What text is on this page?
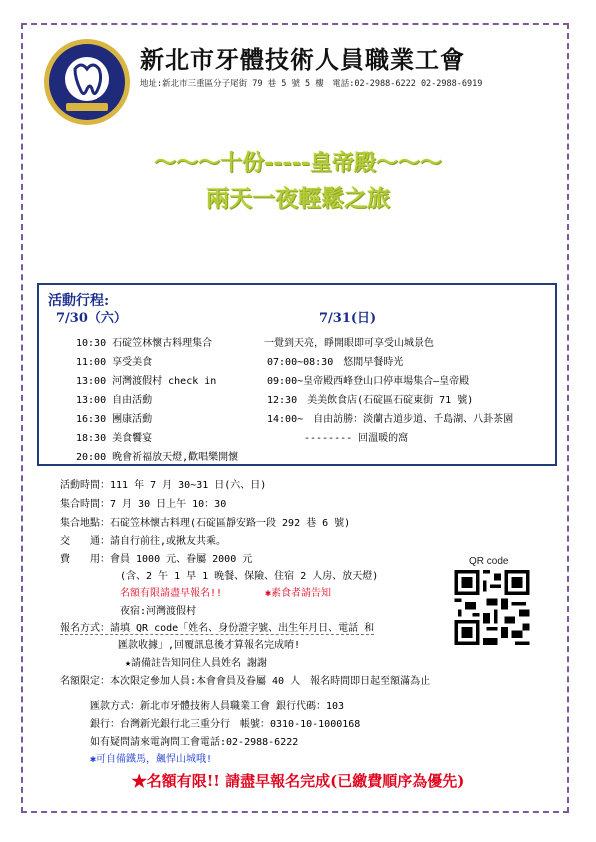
新北市牙體技術人員職業工會
地址:新北市三重區分子尾街 79 巷 5 號 5 樓　電話:02-2988-6222 02-2988-6919
～～～十份-----皇帝殿～～～
兩天一夜輕鬆之旅
活動行程:
7/30（六）	7/31(日)
10:30 石碇笠林懷古料理集合
11:00 享受美食
13:00 河灣渡假村 check in
13:00 自由活動
16:30 團康活動
18:30 美食饗宴
20:00 晚會祈福放天燈,歡唱樂開懷
一覺到天亮，睜開眼即可享受山城景色
07:00~08:30　悠閒早餐時光
09:00~皇帝殿西峰登山口停車場集合—皇帝殿
12:30　美美飲食店(石碇區石碇東街 71 號)
14:00~　自由訪勝：淡蘭古道步道、千島湖、八卦茶園
-------- 回溫暖的窩
活動時間：111 年 7 月 30~31 日(六、日)
集合時間：7 月 30 日上午 10：30
集合地點：石碇笠林懷古料理(石碇區靜安路一段 292 巷 6 號)
交　　通：請自行前往,或揪友共乘。
費　　用：會員 1000 元、眷屬 2000 元
(含、2 午 1 早 1 晚餐、保險、住宿 2 人房、放天燈)
名額有限請盡早報名!!	✱素食者請告知
夜宿:河灣渡假村
報名方式：請填 QR code「姓名、身份證字號、出生年月日、電話 和
匯款收據」,回覆訊息後才算報名完成唷!
★請備註告知同住人員姓名 謝謝
名額限定：本次限定參加人員:本會會員及眷屬 40 人　報名時間即日起至額滿為止
QR code
匯款方式：新北市牙體技術人員職業工會 銀行代碼：103
銀行：台灣新光銀行北三重分行　帳號：0310-10-1000168
如有疑問請來電詢問工會電話:02-2988-6222
✱可自備鐵馬，飆悍山城哦!
★名額有限!! 請盡早報名完成(已繳費順序為優先)
